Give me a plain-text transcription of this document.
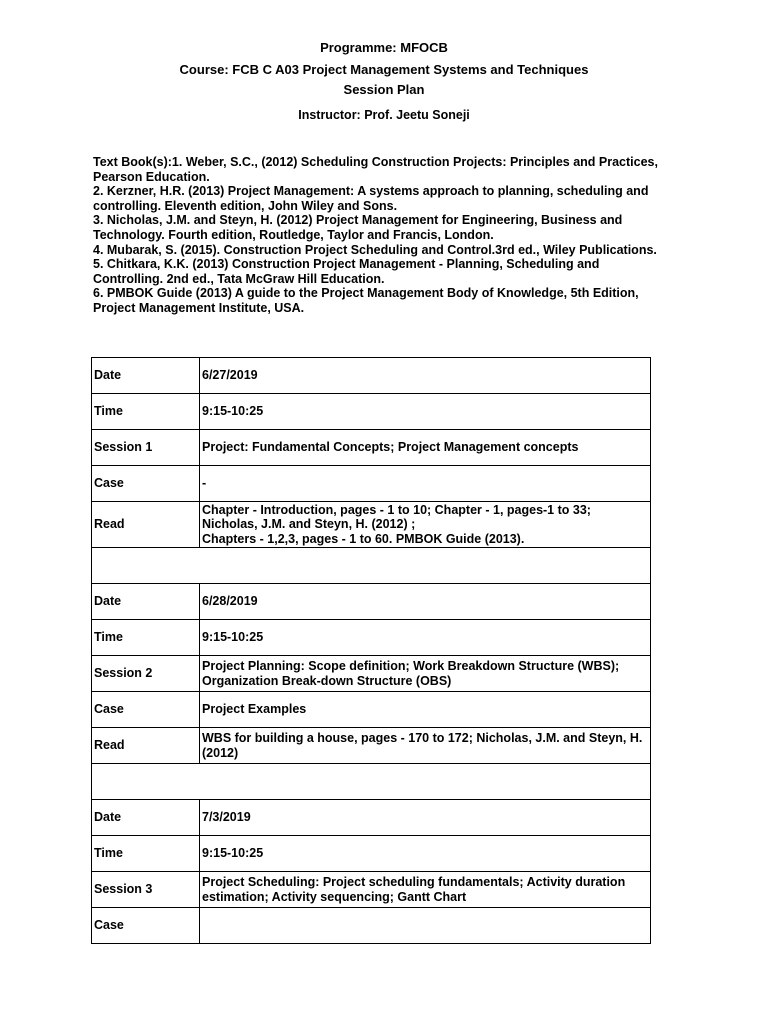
Programme: MFOCB
Course: FCB C A03 Project Management Systems and Techniques
Session Plan
Instructor: Prof. Jeetu Soneji
Text Book(s):1. Weber, S.C., (2012) Scheduling Construction Projects: Principles and Practices, Pearson Education.
2. Kerzner, H.R. (2013) Project Management: A systems approach to planning, scheduling and controlling. Eleventh edition, John Wiley and Sons.
3. Nicholas, J.M. and Steyn, H. (2012) Project Management for Engineering, Business and Technology. Fourth edition, Routledge, Taylor and Francis, London.
4. Mubarak, S. (2015). Construction Project Scheduling and Control.3rd ed., Wiley Publications.
5. Chitkara, K.K. (2013) Construction Project Management - Planning, Scheduling and Controlling. 2nd ed., Tata McGraw Hill Education.
6. PMBOK Guide (2013) A guide to the Project Management Body of Knowledge, 5th Edition, Project Management Institute, USA.
Date	6/27/2019
Time	9:15-10:25
Session 1	Project: Fundamental Concepts; Project Management concepts
Case	-
Read	Chapter - Introduction, pages - 1 to 10; Chapter - 1, pages-1 to 33;
Nicholas, J.M. and Steyn, H. (2012) ;
Chapters - 1,2,3, pages - 1 to 60. PMBOK Guide (2013).

Date	6/28/2019
Time	9:15-10:25
Session 2	Project Planning: Scope definition; Work Breakdown Structure (WBS); Organization Break-down Structure (OBS)
Case	Project Examples
Read	WBS for building a house, pages - 170 to 172; Nicholas, J.M. and Steyn, H. (2012)

Date	7/3/2019
Time	9:15-10:25
Session 3	Project Scheduling: Project scheduling fundamentals; Activity duration estimation; Activity sequencing; Gantt Chart
Case	
